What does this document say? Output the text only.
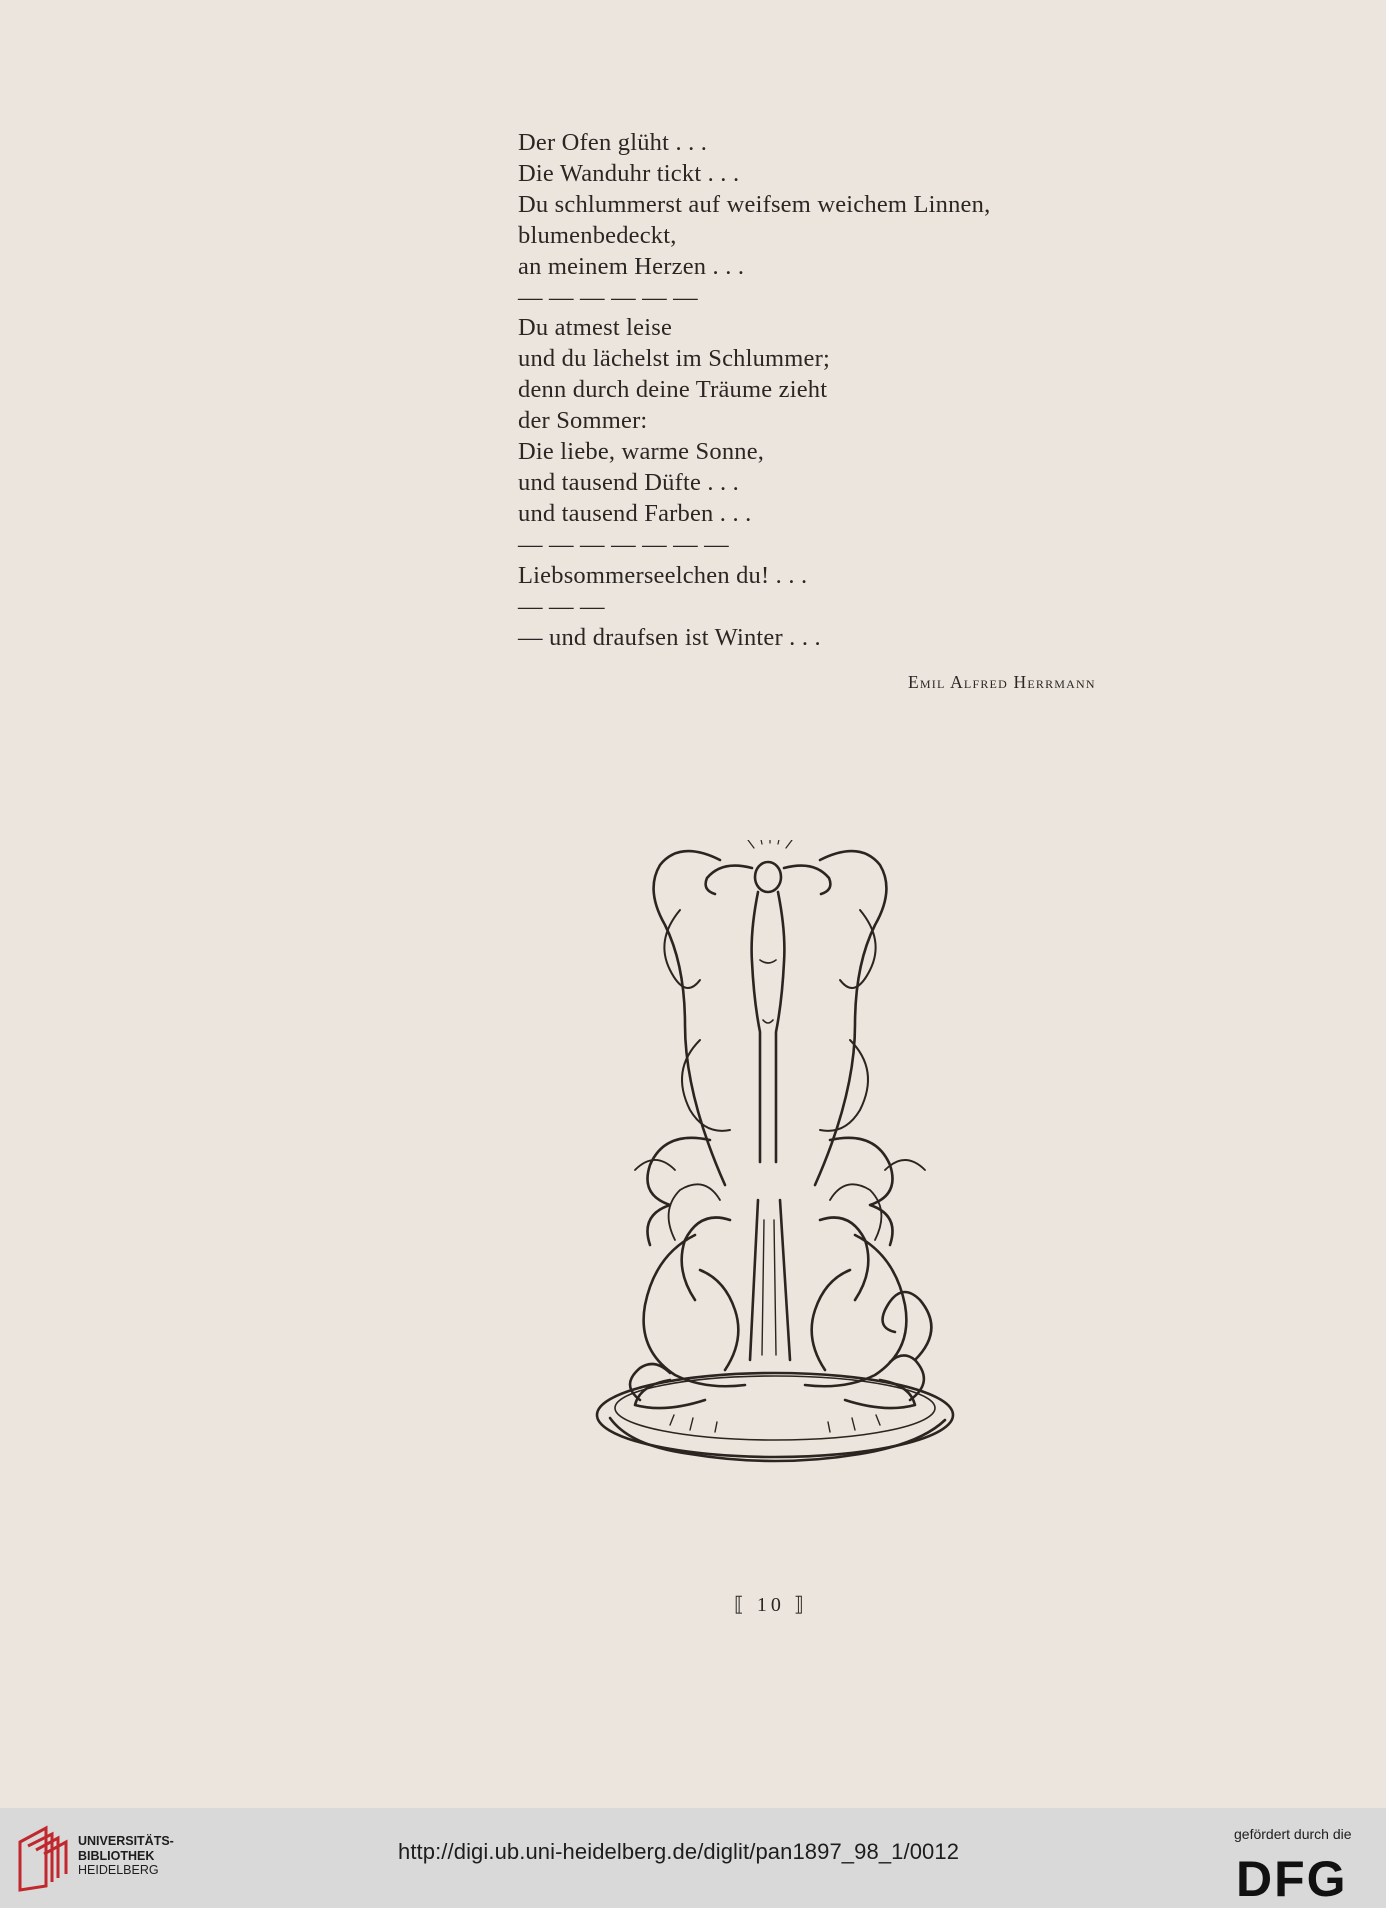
Der Ofen glüht . . .
Die Wanduhr tickt . . .
Du schlummerst auf weifsem weichem Linnen,
blumenbedeckt,
an meinem Herzen . . .
— — — — — —
Du atmest leise
und du lächelst im Schlummer;
denn durch deine Träume zieht
der Sommer:
Die liebe, warme Sonne,
und tausend Düfte . . .
und tausend Farben . . .
— — — — — — —
Liebsommerseelchen du! . . .
— — —
— und draufsen ist Winter . . .
Emil Alfred Herrmann
⟦ 10 ⟧
UNIVERSITÄTS-
BIBLIOTHEK
HEIDELBERG
http://digi.ub.uni-heidelberg.de/diglit/pan1897_98_1/0012
gefördert durch die
DFG
